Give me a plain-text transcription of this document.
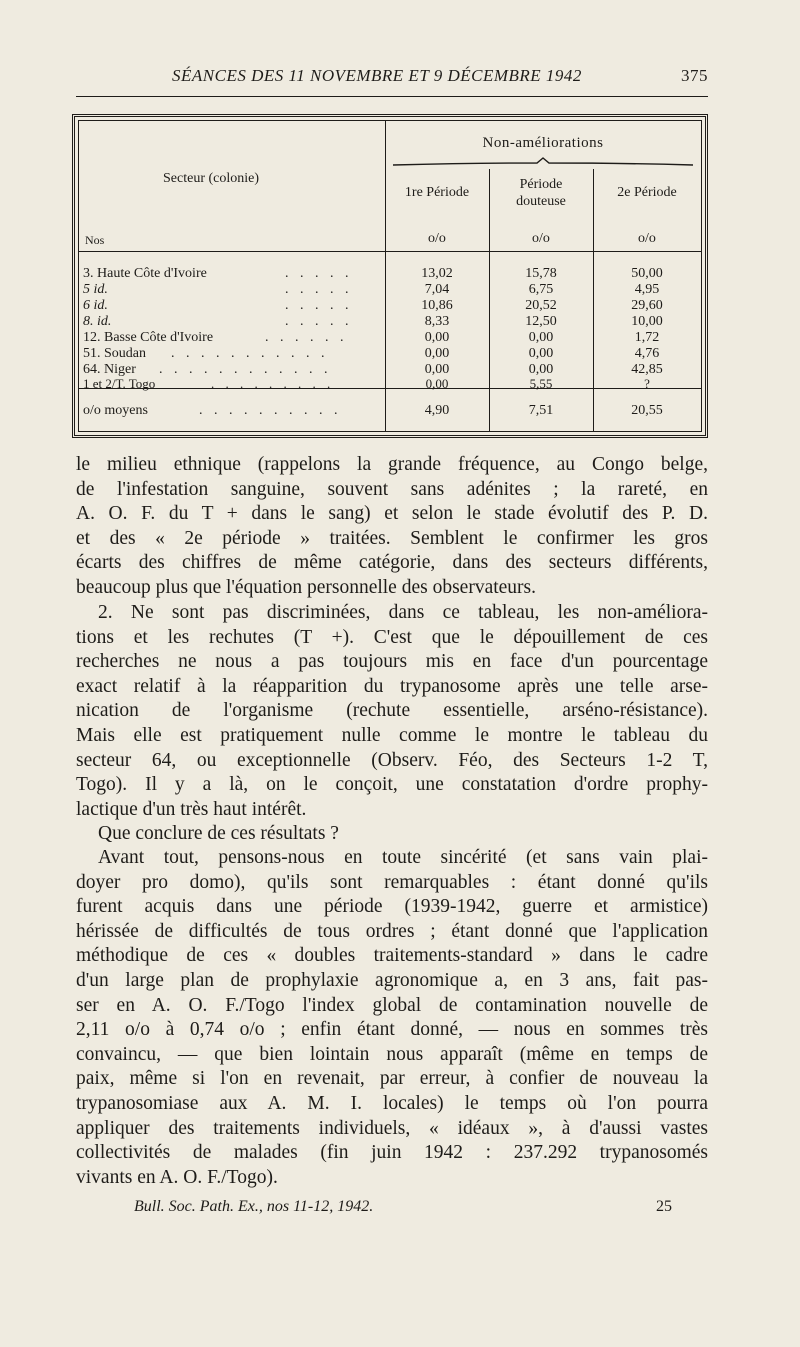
SÉANCES DES 11 NOVEMBRE ET 9 DÉCEMBRE 1942	375
Non-améliorations
Secteur (colonie)
Nos
1re Période
Période
douteuse
2e Période
o/o	o/o	o/o
3. Haute Côte d'Ivoire	. . . . .	13,02	15,78	50,00
5 id.	. . . . .	7,04	6,75	4,95
6 id.	. . . . .	10,86	20,52	29,60
8. id.	. . . . .	8,33	12,50	10,00
12. Basse Côte d'Ivoire	. . . . . .	0,00	0,00	1,72
51. Soudan . . . . . . . . . . .	0,00	0,00	4,76
64. Niger . . . . . . . . . . . .	0,00	0,00	42,85
1 et 2/T. Togo	. . . . . . . . .	0,00	5,55	?
o/o moyens	. . . . . . . . . .	4,90	7,51	20,55
le milieu ethnique (rappelons la grande fréquence, au Congo belge,
de l'infestation sanguine, souvent sans adénites ; la rareté, en
A. O. F. du T + dans le sang) et selon le stade évolutif des P. D.
et des « 2e période » traitées. Semblent le confirmer les gros
écarts des chiffres de même catégorie, dans des secteurs différents,
beaucoup plus que l'équation personnelle des observateurs.
2. Ne sont pas discriminées, dans ce tableau, les non-améliora-
tions et les rechutes (T +). C'est que le dépouillement de ces
recherches ne nous a pas toujours mis en face d'un pourcentage
exact relatif à la réapparition du trypanosome après une telle arse-
nication de l'organisme (rechute essentielle, arséno-résistance).
Mais elle est pratiquement nulle comme le montre le tableau du
secteur 64, ou exceptionnelle (Observ. Féo, des Secteurs 1-2 T,
Togo). Il y a là, on le conçoit, une constatation d'ordre prophy-
lactique d'un très haut intérêt.
Que conclure de ces résultats ?
Avant tout, pensons-nous en toute sincérité (et sans vain plai-
doyer pro domo), qu'ils sont remarquables : étant donné qu'ils
furent acquis dans une période (1939-1942, guerre et armistice)
hérissée de difficultés de tous ordres ; étant donné que l'application
méthodique de ces « doubles traitements-standard » dans le cadre
d'un large plan de prophylaxie agronomique a, en 3 ans, fait pas-
ser en A. O. F./Togo l'index global de contamination nouvelle de
2,11 o/o à 0,74 o/o ; enfin étant donné, — nous en sommes très
convaincu, — que bien lointain nous apparaît (même en temps de
paix, même si l'on en revenait, par erreur, à confier de nouveau la
trypanosomiase aux A. M. I. locales) le temps où l'on pourra
appliquer des traitements individuels, « idéaux », à d'aussi vastes
collectivités de malades (fin juin 1942 : 237.292 trypanosomés
vivants en A. O. F./Togo).
Bull. Soc. Path. Ex., nos 11-12, 1942.	25
